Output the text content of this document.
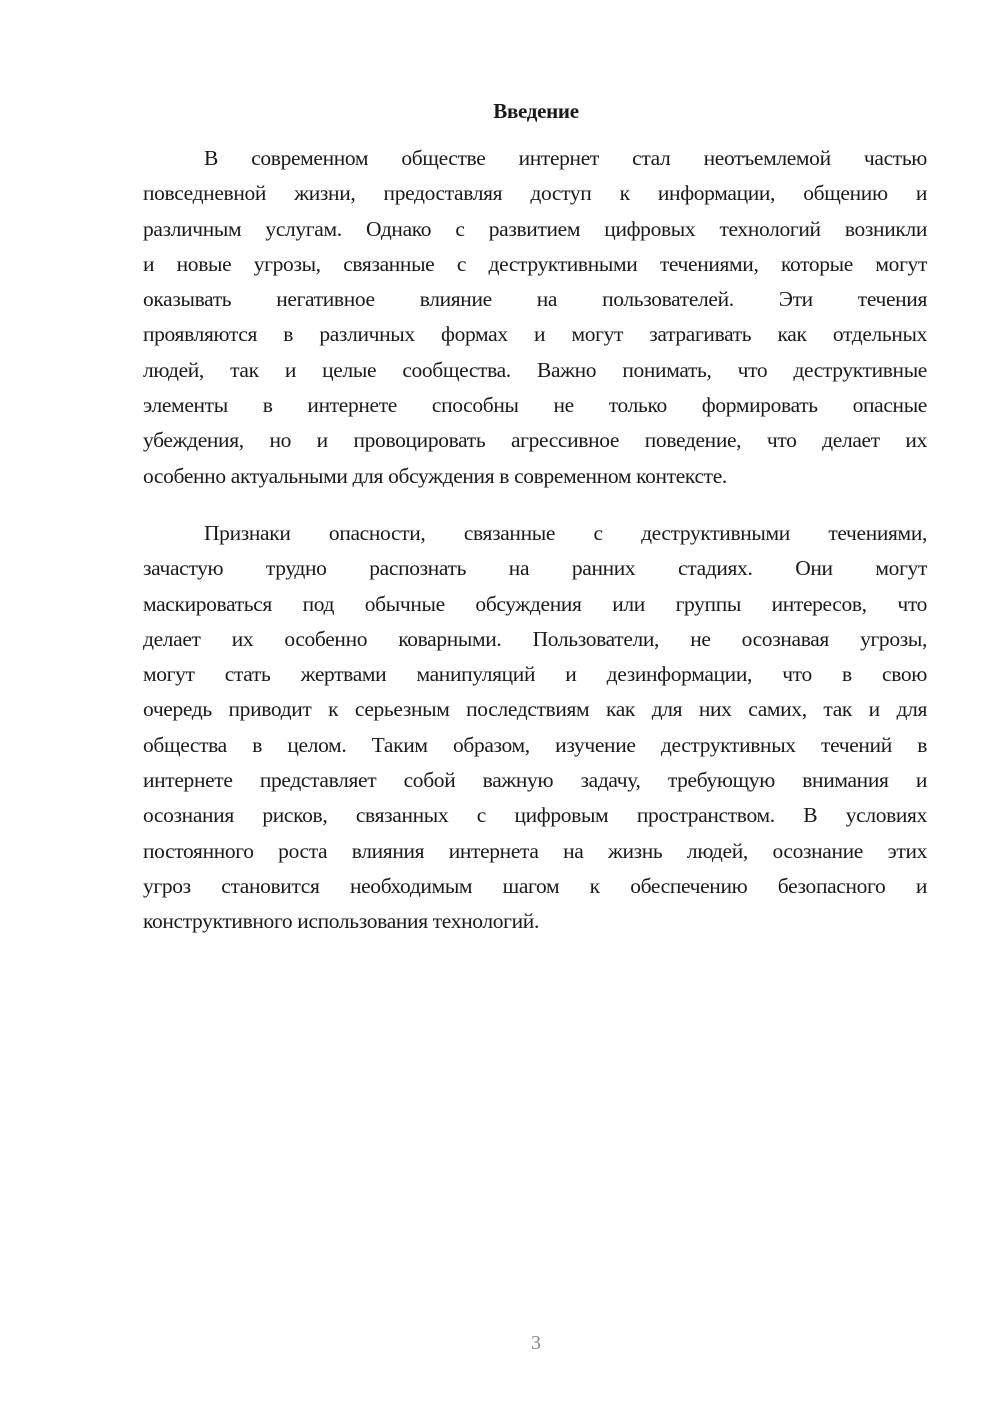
Введение
В современном обществе интернет стал неотъемлемой частью
повседневной жизни, предоставляя доступ к информации, общению и
различным услугам. Однако с развитием цифровых технологий возникли
и новые угрозы, связанные с деструктивными течениями, которые могут
оказывать негативное влияние на пользователей. Эти течения
проявляются в различных формах и могут затрагивать как отдельных
людей, так и целые сообщества. Важно понимать, что деструктивные
элементы в интернете способны не только формировать опасные
убеждения, но и провоцировать агрессивное поведение, что делает их
особенно актуальными для обсуждения в современном контексте.
Признаки опасности, связанные с деструктивными течениями,
зачастую трудно распознать на ранних стадиях. Они могут
маскироваться под обычные обсуждения или группы интересов, что
делает их особенно коварными. Пользователи, не осознавая угрозы,
могут стать жертвами манипуляций и дезинформации, что в свою
очередь приводит к серьезным последствиям как для них самих, так и для
общества в целом. Таким образом, изучение деструктивных течений в
интернете представляет собой важную задачу, требующую внимания и
осознания рисков, связанных с цифровым пространством. В условиях
постоянного роста влияния интернета на жизнь людей, осознание этих
угроз становится необходимым шагом к обеспечению безопасного и
конструктивного использования технологий.
3
